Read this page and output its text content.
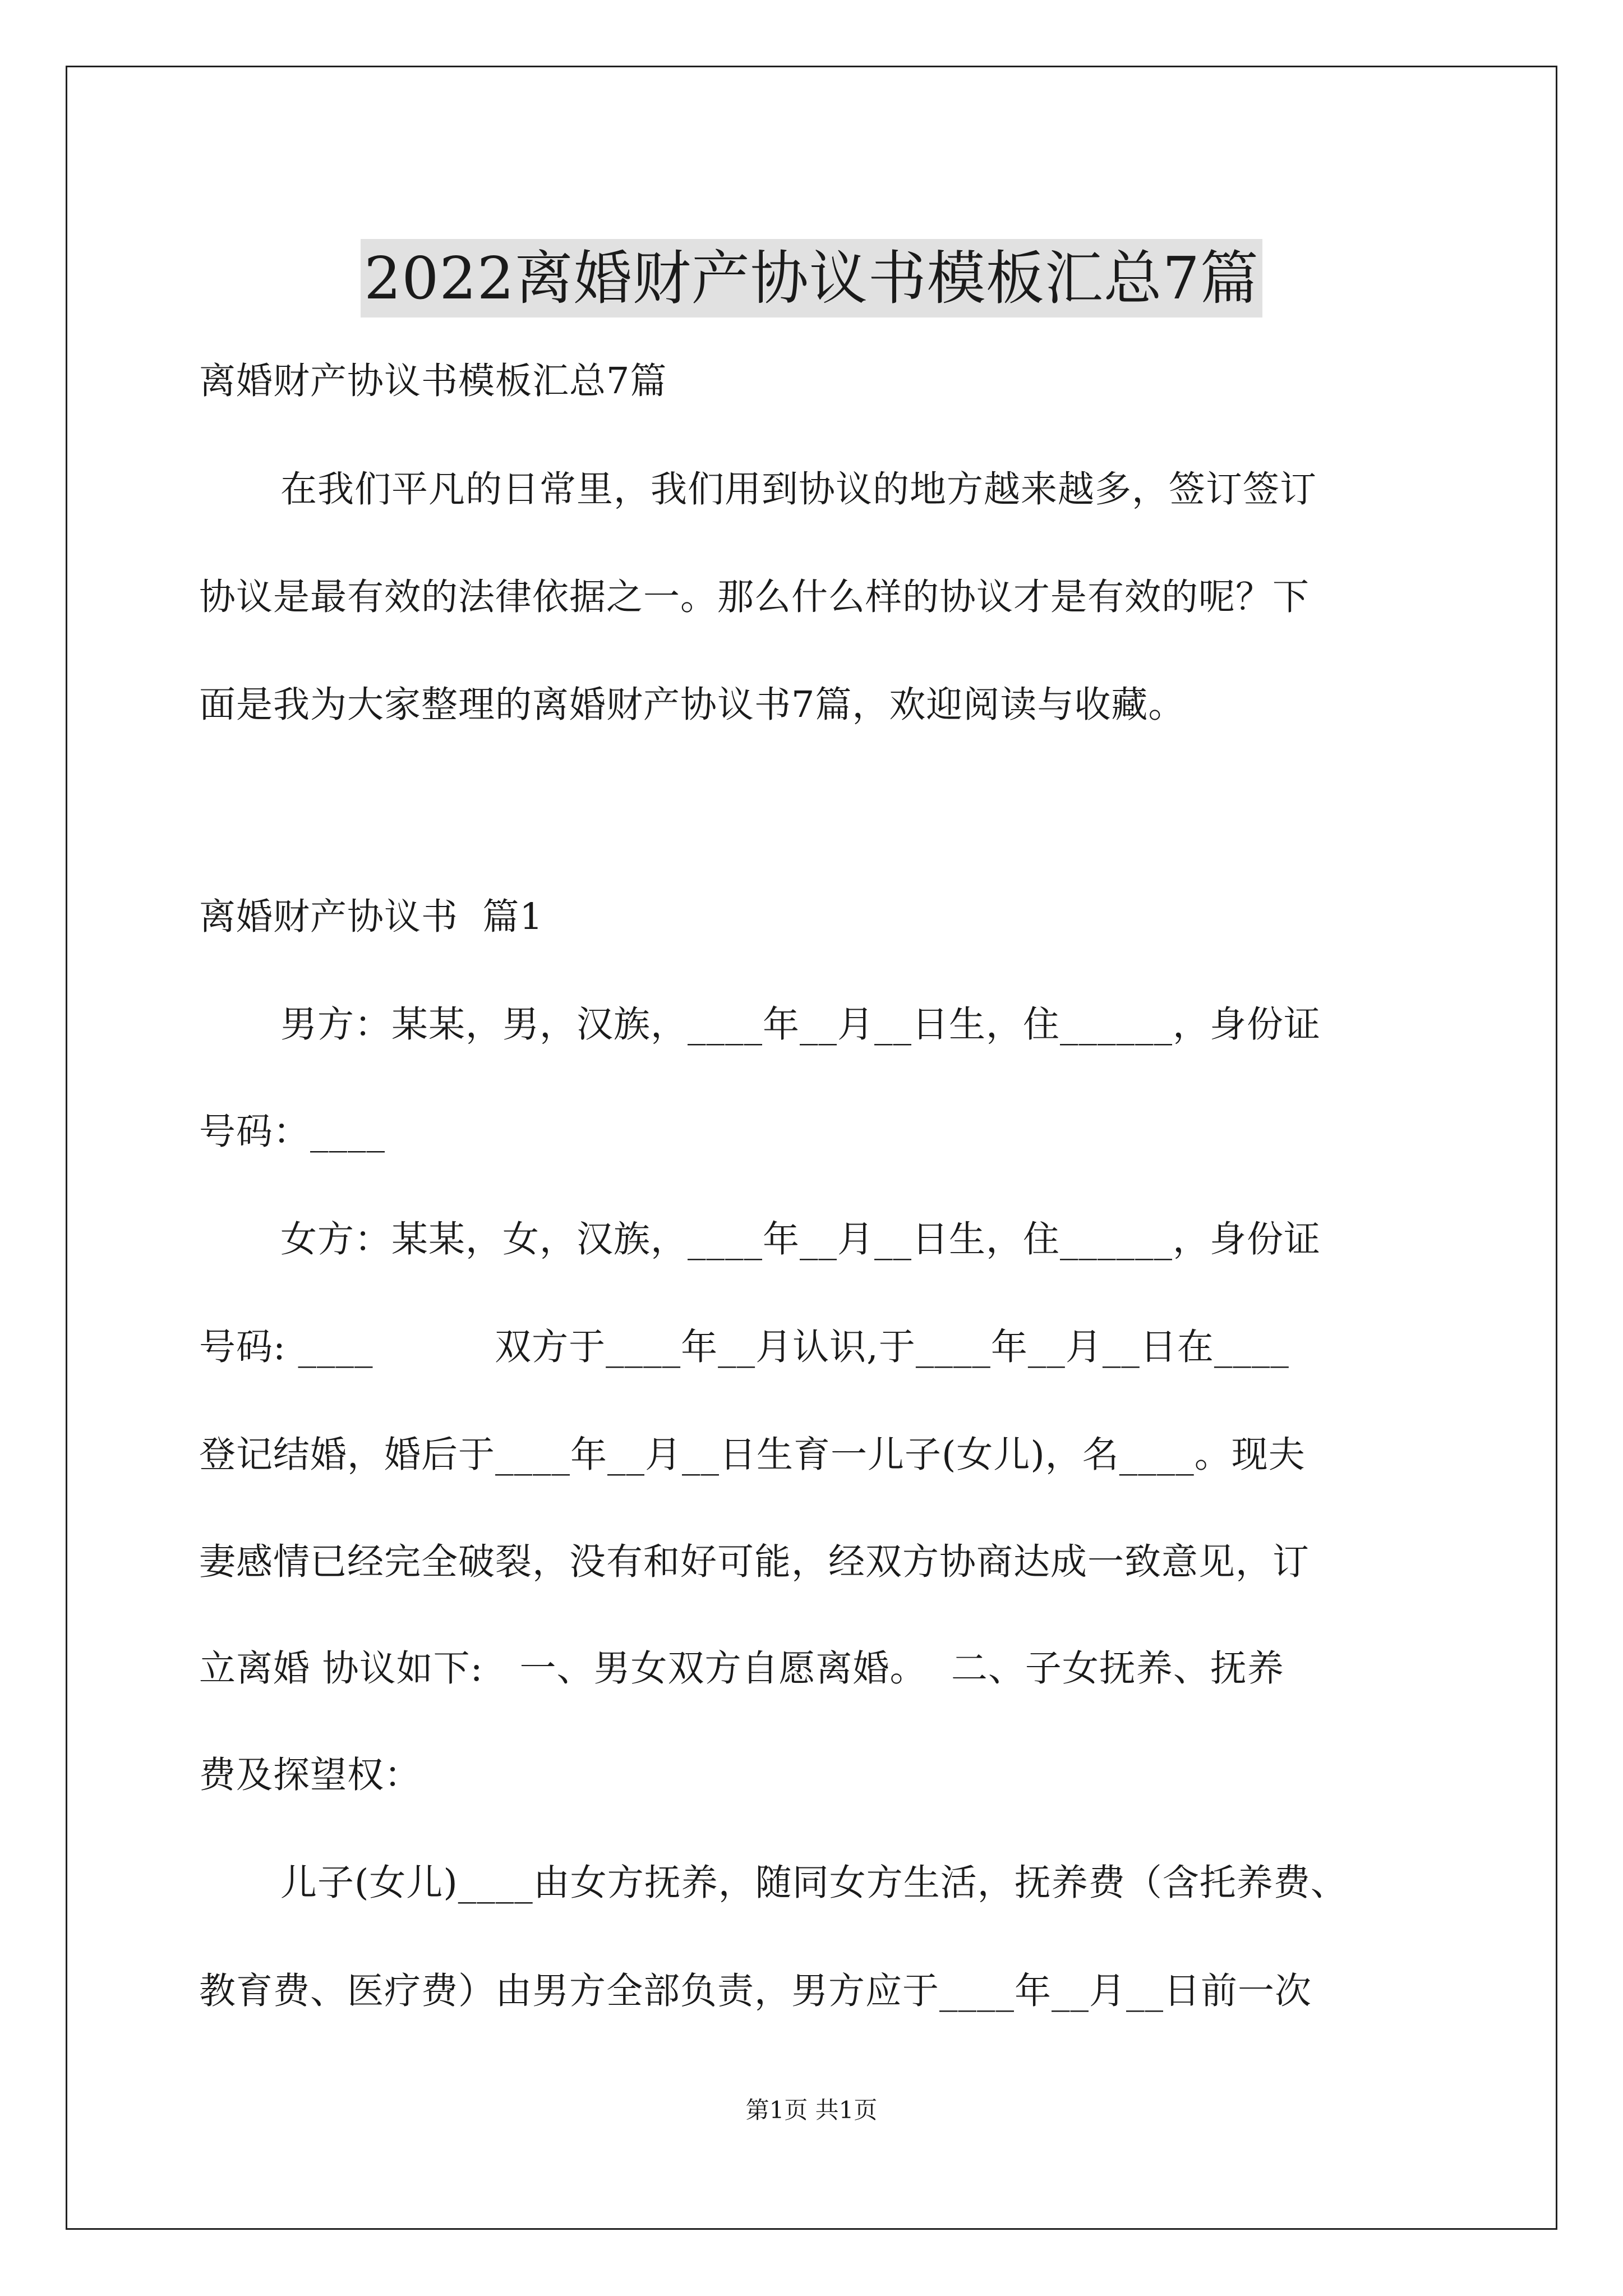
2022离婚财产协议书模板汇总7篇
离婚财产协议书模板汇总7篇
在我们平凡的日常里，我们用到协议的地方越来越多，签订签订
协议是最有效的法律依据之一。那么什么样的协议才是有效的呢？下
面是我为大家整理的离婚财产协议书7篇，欢迎阅读与收藏。
离婚财产协议书  篇1
男方：某某，男，汉族，____年__月__日生，住______，身份证
号码：____
女方：某某，女，汉族，____年__月__日生，住______，身份证
号码: ____          双方于____年__月认识,于____年__月__日在____
登记结婚，婚后于____年__月__日生育一儿子(女儿)，名____。现夫
妻感情已经完全破裂，没有和好可能，经双方协商达成一致意见，订
立离婚 协议如下:   一、男女双方自愿离婚。  二、子女抚养、抚养
费及探望权：
儿子(女儿)____由女方抚养，随同女方生活，抚养费（含托养费、
教育费、医疗费）由男方全部负责，男方应于____年__月__日前一次
第1页 共1页
